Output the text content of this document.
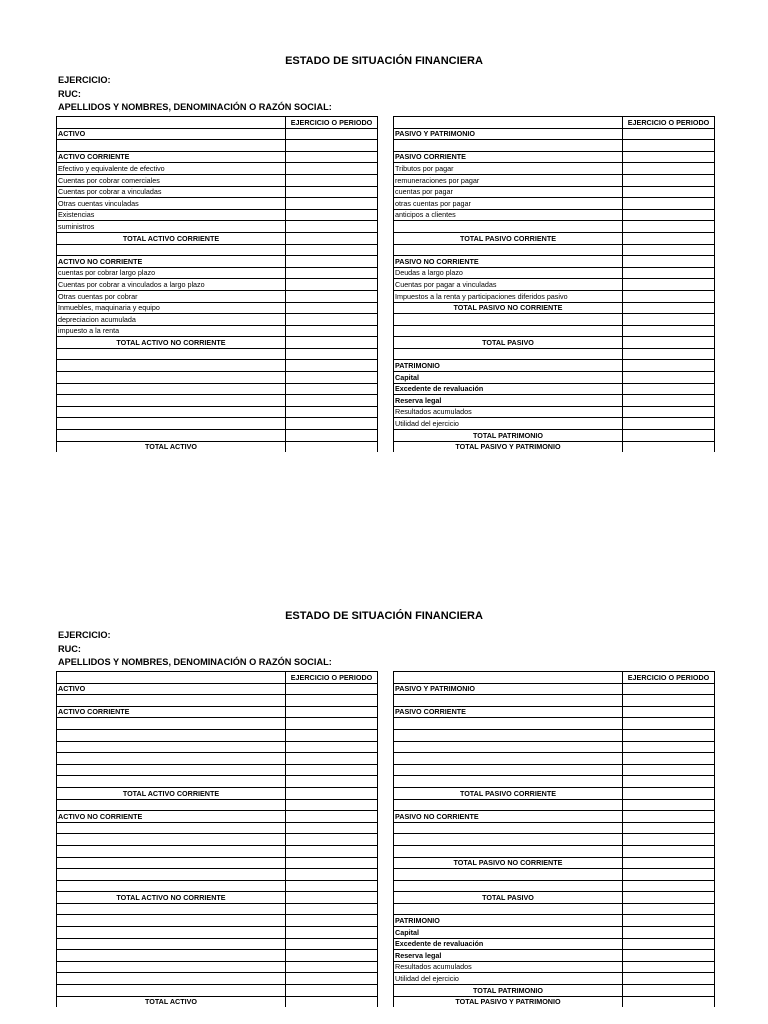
ESTADO DE SITUACIÓN FINANCIERA
EJERCICIO:
RUC:
APELLIDOS Y NOMBRES, DENOMINACIÓN O RAZÓN SOCIAL:
	EJERCICIO O PERIODO
ACTIVO	

ACTIVO CORRIENTE	
Efectivo y equivalente de efectivo	
Cuentas por cobrar comerciales	
Cuentas por cobrar a vinculadas	
Otras cuentas vinculadas	
Existencias	
suministros	
TOTAL ACTIVO CORRIENTE	

ACTIVO NO CORRIENTE	
cuentas por cobrar largo plazo	
Cuentas por cobrar a vinculados a largo plazo	
Otras cuentas por cobrar	
Inmuebles, maquinaria y equipo	
depreciacion acumulada	
impuesto a la renta	
TOTAL ACTIVO NO CORRIENTE	

TOTAL ACTIVO	
	EJERCICIO O PERIODO
PASIVO Y PATRIMONIO	

PASIVO CORRIENTE	
Tributos por pagar	
remuneraciones por pagar	
cuentas por pagar	
otras cuentas por pagar	
anticipos a clientes	

TOTAL PASIVO CORRIENTE	

PASIVO NO CORRIENTE	
Deudas a largo plazo	
Cuentas por pagar a vinculadas	
Impuestos a la renta y participaciones diferidos pasivo	
TOTAL PASIVO NO CORRIENTE	

TOTAL PASIVO	

PATRIMONIO	
Capital	
Excedente de revaluación	
Reserva legal	
Resultados acumulados	
Utilidad del ejercicio	
TOTAL PATRIMONIO	
TOTAL PASIVO Y PATRIMONIO	
ESTADO DE SITUACIÓN FINANCIERA
EJERCICIO:
RUC:
APELLIDOS Y NOMBRES, DENOMINACIÓN O RAZÓN SOCIAL:
	EJERCICIO O PERIODO
ACTIVO	

ACTIVO CORRIENTE	

TOTAL ACTIVO CORRIENTE	

ACTIVO NO CORRIENTE	

TOTAL ACTIVO NO CORRIENTE	

TOTAL ACTIVO	
	EJERCICIO O PERIODO
PASIVO Y PATRIMONIO	

PASIVO CORRIENTE	

TOTAL PASIVO CORRIENTE	

PASIVO NO CORRIENTE	

TOTAL PASIVO NO CORRIENTE	

TOTAL PASIVO	

PATRIMONIO	
Capital	
Excedente de revaluación	
Reserva legal	
Resultados acumulados	
Utilidad del ejercicio	
TOTAL PATRIMONIO	
TOTAL PASIVO Y PATRIMONIO	
